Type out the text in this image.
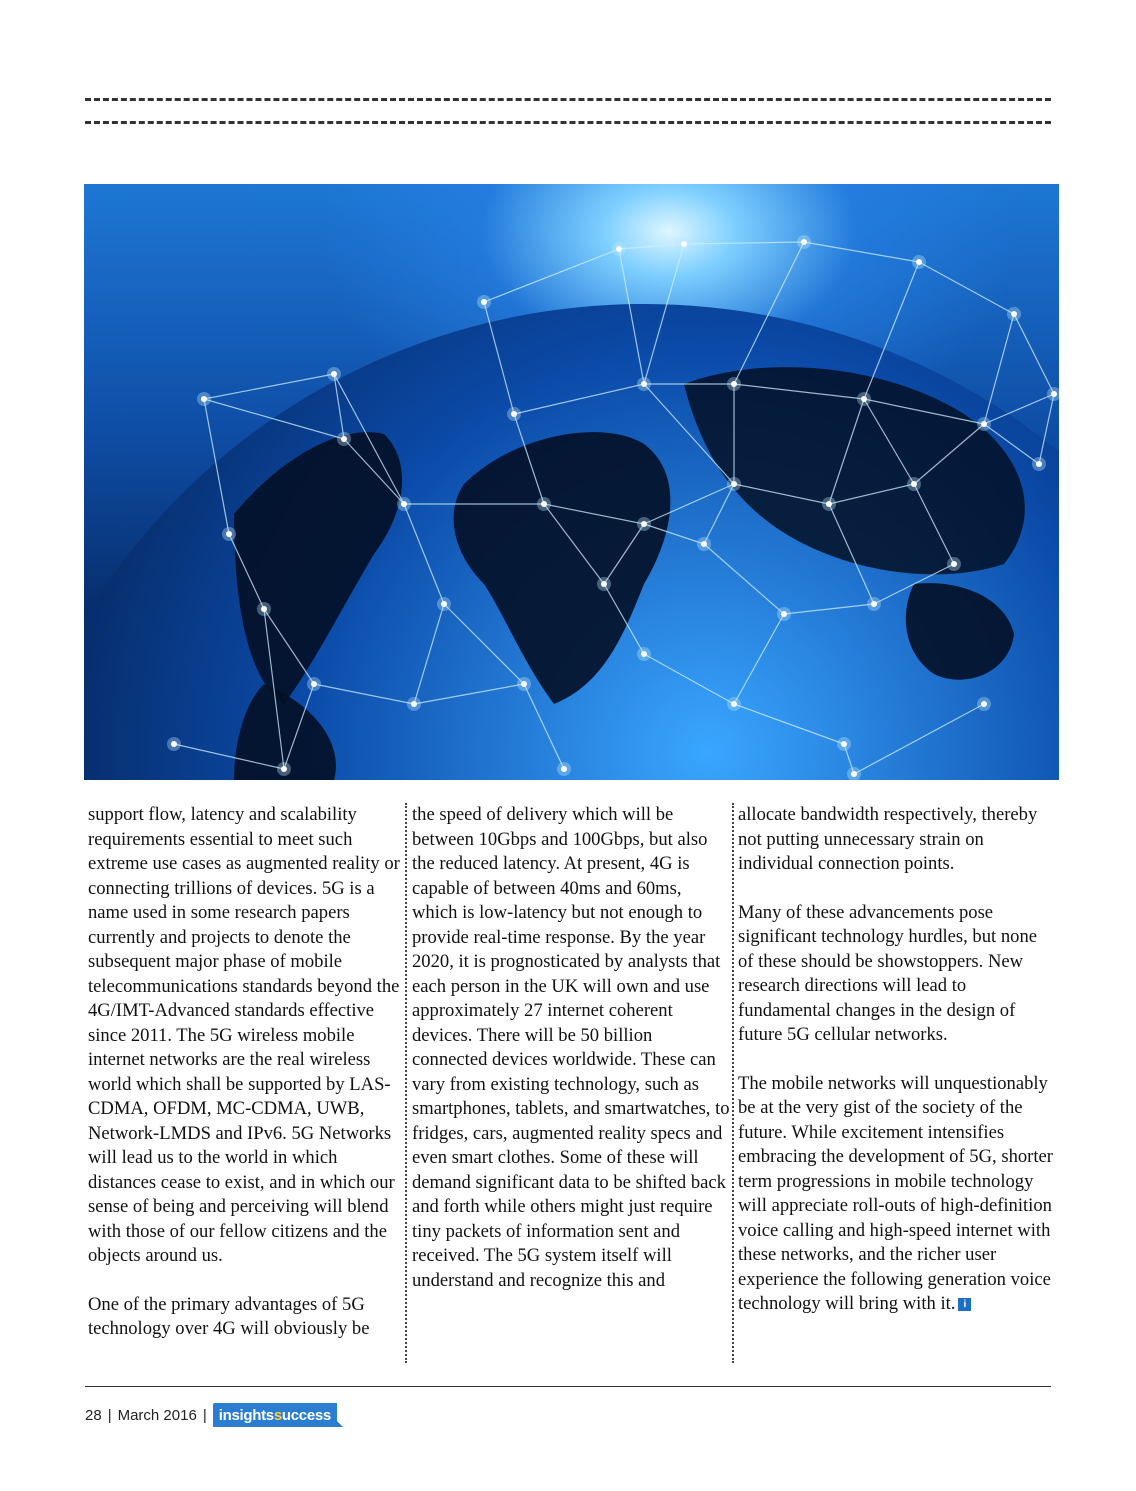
support flow, latency and scalability requirements essential to meet such extreme use cases as augmented reality or connecting trillions of devices. 5G is a name used in some research papers currently and projects to denote the subsequent major phase of mobile telecommunications standards beyond the 4G/IMT-Advanced standards effective since 2011. The 5G wireless mobile internet networks are the real wireless world which shall be supported by LAS-CDMA, OFDM, MC-CDMA, UWB, Network-LMDS and IPv6. 5G Networks will lead us to the world in which distances cease to exist, and in which our sense of being and perceiving will blend with those of our fellow citizens and the objects around us.

One of the primary advantages of 5G technology over 4G will obviously be

the speed of delivery which will be between 10Gbps and 100Gbps, but also the reduced latency. At present, 4G is capable of between 40ms and 60ms, which is low-latency but not enough to provide real-time response. By the year 2020, it is prognosticated by analysts that each person in the UK will own and use approximately 27 internet coherent devices. There will be 50 billion connected devices worldwide. These can vary from existing technology, such as smartphones, tablets, and smartwatches, to fridges, cars, augmented reality specs and even smart clothes. Some of these will demand significant data to be shifted back and forth while others might just require tiny packets of information sent and received. The 5G system itself will understand and recognize this and

allocate bandwidth respectively, thereby not putting unnecessary strain on individual connection points.

Many of these advancements pose significant technology hurdles, but none of these should be showstoppers. New research directions will lead to fundamental changes in the design of future 5G cellular networks.

The mobile networks will unquestionably be at the very gist of the society of the future. While excitement intensifies embracing the development of 5G, shorter term progressions in mobile technology will appreciate roll-outs of high-definition voice calling and high-speed internet with these networks, and the richer user experience the following generation voice technology will bring with it. i

28 | March 2016 | insights s uccess
